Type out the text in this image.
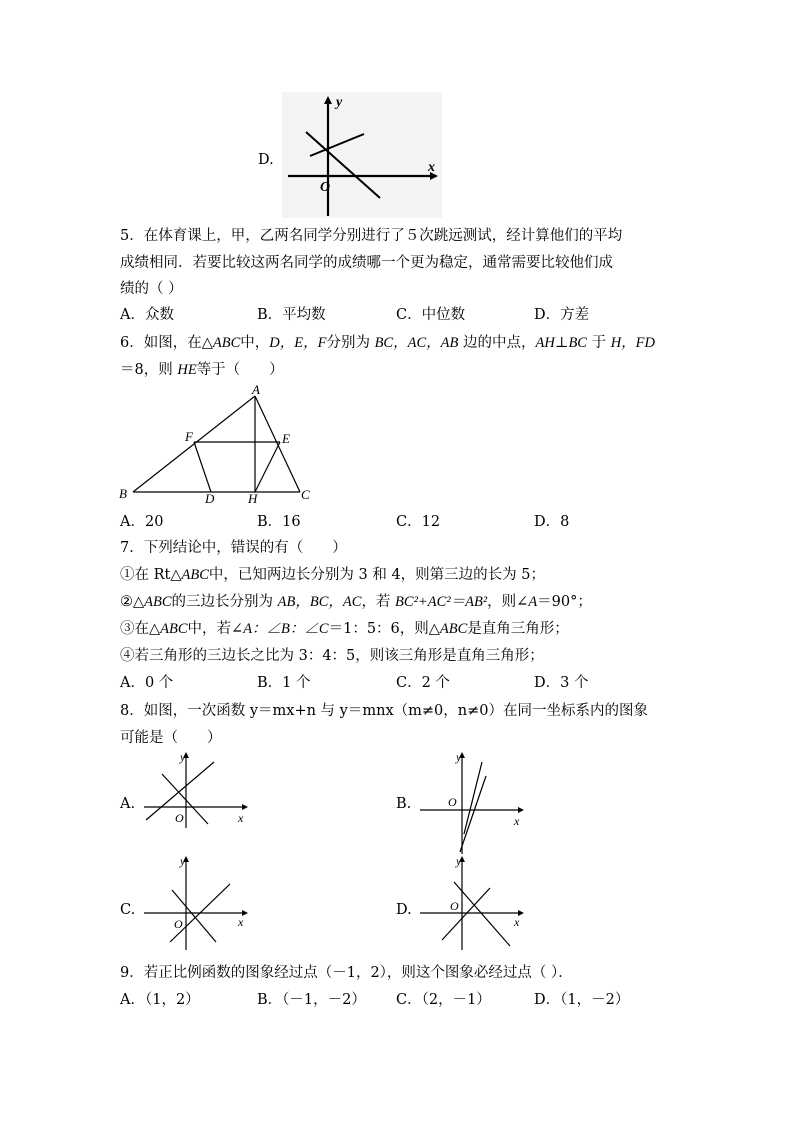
D.
y
x
O
5．在体育课上，甲，乙两名同学分别进行了５次跳远测试，经计算他们的平均
成绩相同．若要比较这两名同学的成绩哪一个更为稳定，通常需要比较他们成
绩的（ ）
A．众数	B．平均数	C．中位数	D．方差
6．如图，在△ABC中，D，E，F分别为 BC，AC，AB 边的中点，AH⊥BC 于 H，FD
＝8，则 HE等于（　　）
A
B	C
D
E
F
H
A．20	B．16	C．12	D．8
7．下列结论中，错误的有（　　）
①在 Rt△ABC中，已知两边长分别为 3 和 4，则第三边的长为 5；
②△ABC的三边长分别为 AB，BC，AC，若 BC²+AC²＝AB²，则∠A＝90°；
③在△ABC中，若∠A：∠B：∠C＝1：5：6，则△ABC是直角三角形；
④若三角形的三边长之比为 3：4：5，则该三角形是直角三角形；
A．0 个	B．1 个	C．2 个	D．3 个
8．如图，一次函数 y＝mx+n 与 y＝mnx（m≠0，n≠0）在同一坐标系内的图象
可能是（　　）
A.
y
x
O
B.
y
x
O
C.
y
x
O
D.
y
x
O
9．若正比例函数的图象经过点（－1，2），则这个图象必经过点（ ）．
A．（1，2）	B．（－1，－2） C．（2，－1）	D．（1，－2）
